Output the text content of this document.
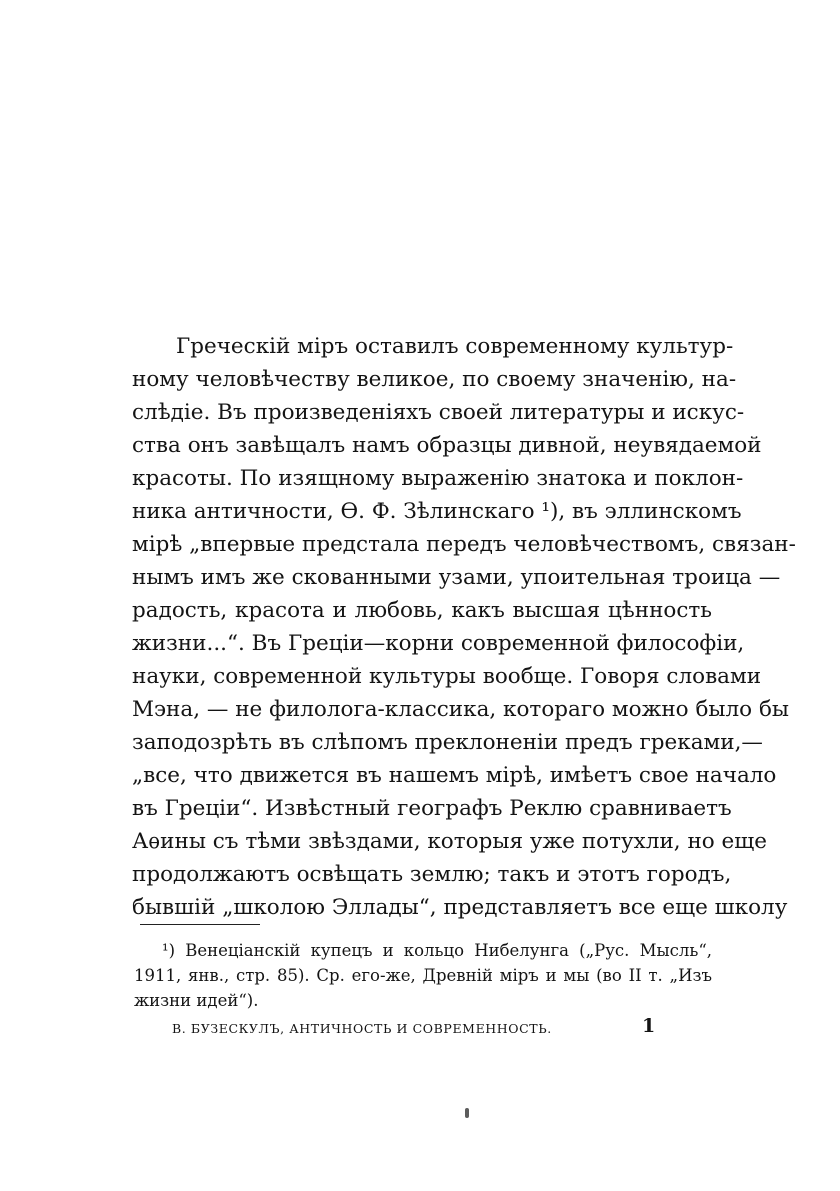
Греческій міръ оставилъ современному культур-
ному человѣчеству великое, по своему значенію, на-
слѣдіе. Въ произведеніяхъ своей литературы и искус-
ства онъ завѣщалъ намъ образцы дивной, неувядаемой
красоты. По изящному выраженію знатока и поклон-
ника античности, Ѳ. Ф. Зѣлинскаго ¹), въ эллинскомъ
мірѣ „впервые предстала передъ человѣчествомъ, связан-
нымъ имъ же скованными узами, упоительная троица —
радость, красота и любовь, какъ высшая цѣнность
жизни...“. Въ Греціи—корни современной философіи,
науки, современной культуры вообще. Говоря словами
Мэна, — не филолога-классика, котораго можно было бы
заподозрѣть въ слѣпомъ преклоненіи предъ греками,—
„все, что движется въ нашемъ мірѣ, имѣетъ свое начало
въ Греціи“. Извѣстный географъ Реклю сравниваетъ
Аѳины съ тѣми звѣздами, которыя уже потухли, но еще
продолжаютъ освѣщать землю; такъ и этотъ городъ,
бывшій „школою Эллады“, представляетъ все еще школу
¹) Венеціанскій купецъ и кольцо Нибелунга („Рус. Мысль“,
1911, янв., стр. 85). Ср. его-же, Древній міръ и мы (во II т. „Изъ
жизни идей“).
В. БУЗЕСКУЛЪ, АНТИЧНОСТЬ И СОВРЕМЕННОСТЬ.	1
